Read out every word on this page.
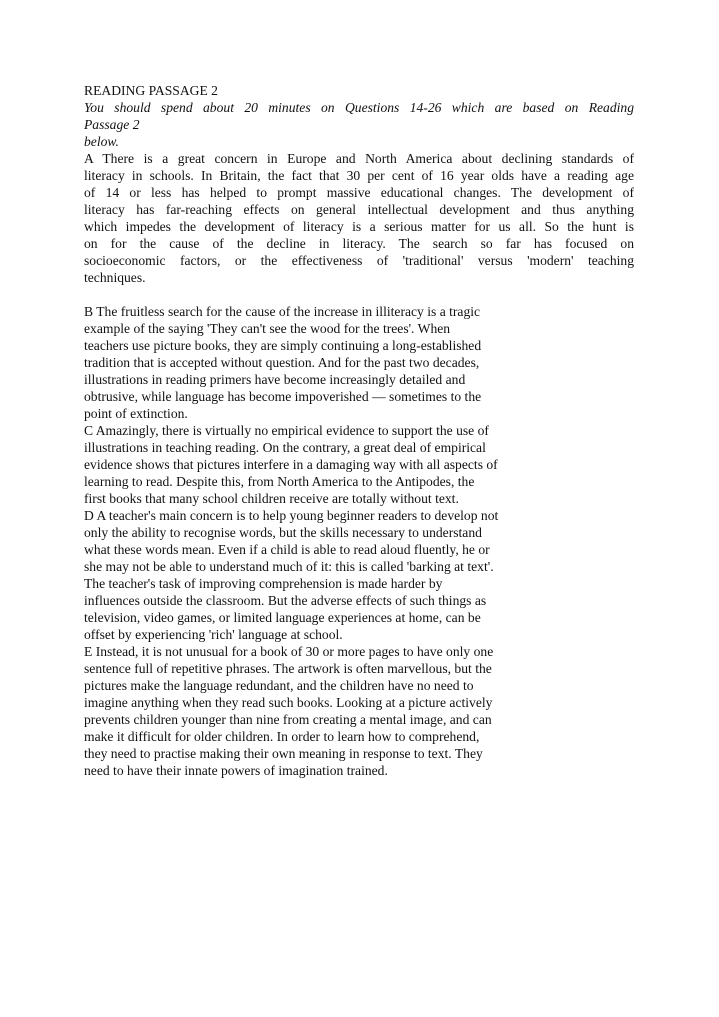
READING PASSAGE 2
You should spend about 20 minutes on Questions 14-26 which are based on Reading
Passage 2
below.
A There is a great concern in Europe and North America about declining standards of
literacy in schools. In Britain, the fact that 30 per cent of 16 year olds have a reading age
of 14 or less has helped to prompt massive educational changes. The development of
literacy has far-reaching effects on general intellectual development and thus anything
which impedes the development of literacy is a serious matter for us all. So the hunt is
on for the cause of the decline in literacy. The search so far has focused on
socioeconomic factors, or the effectiveness of 'traditional' versus 'modern' teaching
techniques.
B The fruitless search for the cause of the increase in illiteracy is a tragic
example of the saying 'They can't see the wood for the trees'. When
teachers use picture books, they are simply continuing a long-established
tradition that is accepted without question. And for the past two decades,
illustrations in reading primers have become increasingly detailed and
obtrusive, while language has become impoverished — sometimes to the
point of extinction.
C Amazingly, there is virtually no empirical evidence to support the use of
illustrations in teaching reading. On the contrary, a great deal of empirical
evidence shows that pictures interfere in a damaging way with all aspects of
learning to read. Despite this, from North America to the Antipodes, the
first books that many school children receive are totally without text.
D A teacher's main concern is to help young beginner readers to develop not
only the ability to recognise words, but the skills necessary to understand
what these words mean. Even if a child is able to read aloud fluently, he or
she may not be able to understand much of it: this is called 'barking at text'.
The teacher's task of improving comprehension is made harder by
influences outside the classroom. But the adverse effects of such things as
television, video games, or limited language experiences at home, can be
offset by experiencing 'rich' language at school.
E Instead, it is not unusual for a book of 30 or more pages to have only one
sentence full of repetitive phrases. The artwork is often marvellous, but the
pictures make the language redundant, and the children have no need to
imagine anything when they read such books. Looking at a picture actively
prevents children younger than nine from creating a mental image, and can
make it difficult for older children. In order to learn how to comprehend,
they need to practise making their own meaning in response to text. They
need to have their innate powers of imagination trained.
